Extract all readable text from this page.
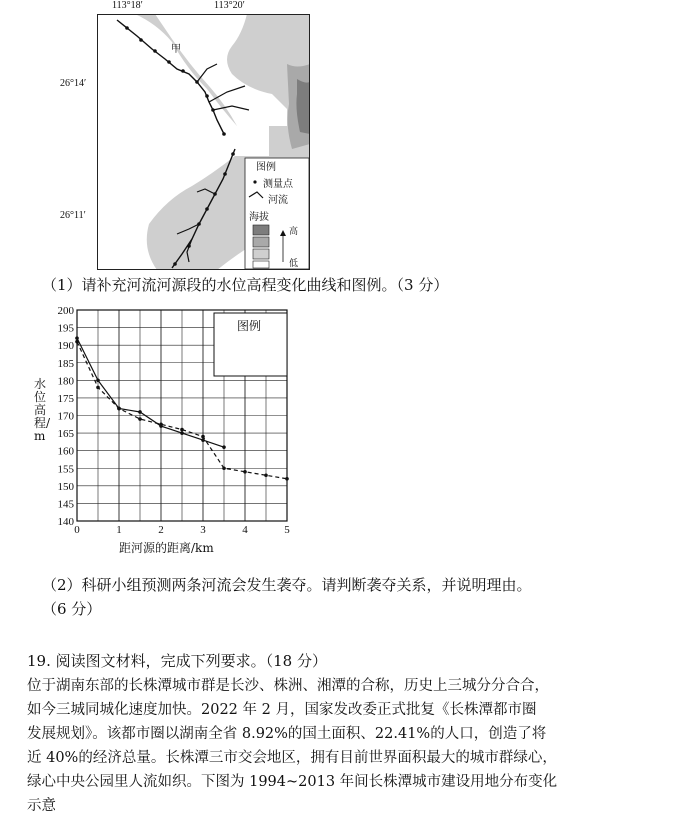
113°18′	113°20′
26°14′
26°11′
甲
图例
测量点
河流
海拔
高
低
（1）请补充河流河源段的水位高程变化曲线和图例。（3 分）
140
145
150
155
160
165
170
175
180
185
190
195
200
0	1	2	3	4	5
水位高程/m
距河源的距离/km
图例
（2）科研小组预测两条河流会发生袭夺。请判断袭夺关系，并说明理由。
（6 分）
19. 阅读图文材料，完成下列要求。（18 分）
位于湖南东部的长株潭城市群是长沙、株洲、湘潭的合称，历史上三城分分合合，
如今三城同城化速度加快。2022 年 2 月，国家发改委正式批复《长株潭都市圈
发展规划》。该都市圈以湖南全省 8.92%的国土面积、22.41%的人口，创造了将
近 40%的经济总量。长株潭三市交会地区，拥有目前世界面积最大的城市群绿心，
绿心中央公园里人流如织。下图为 1994~2013 年间长株潭城市建设用地分布变化
示意
